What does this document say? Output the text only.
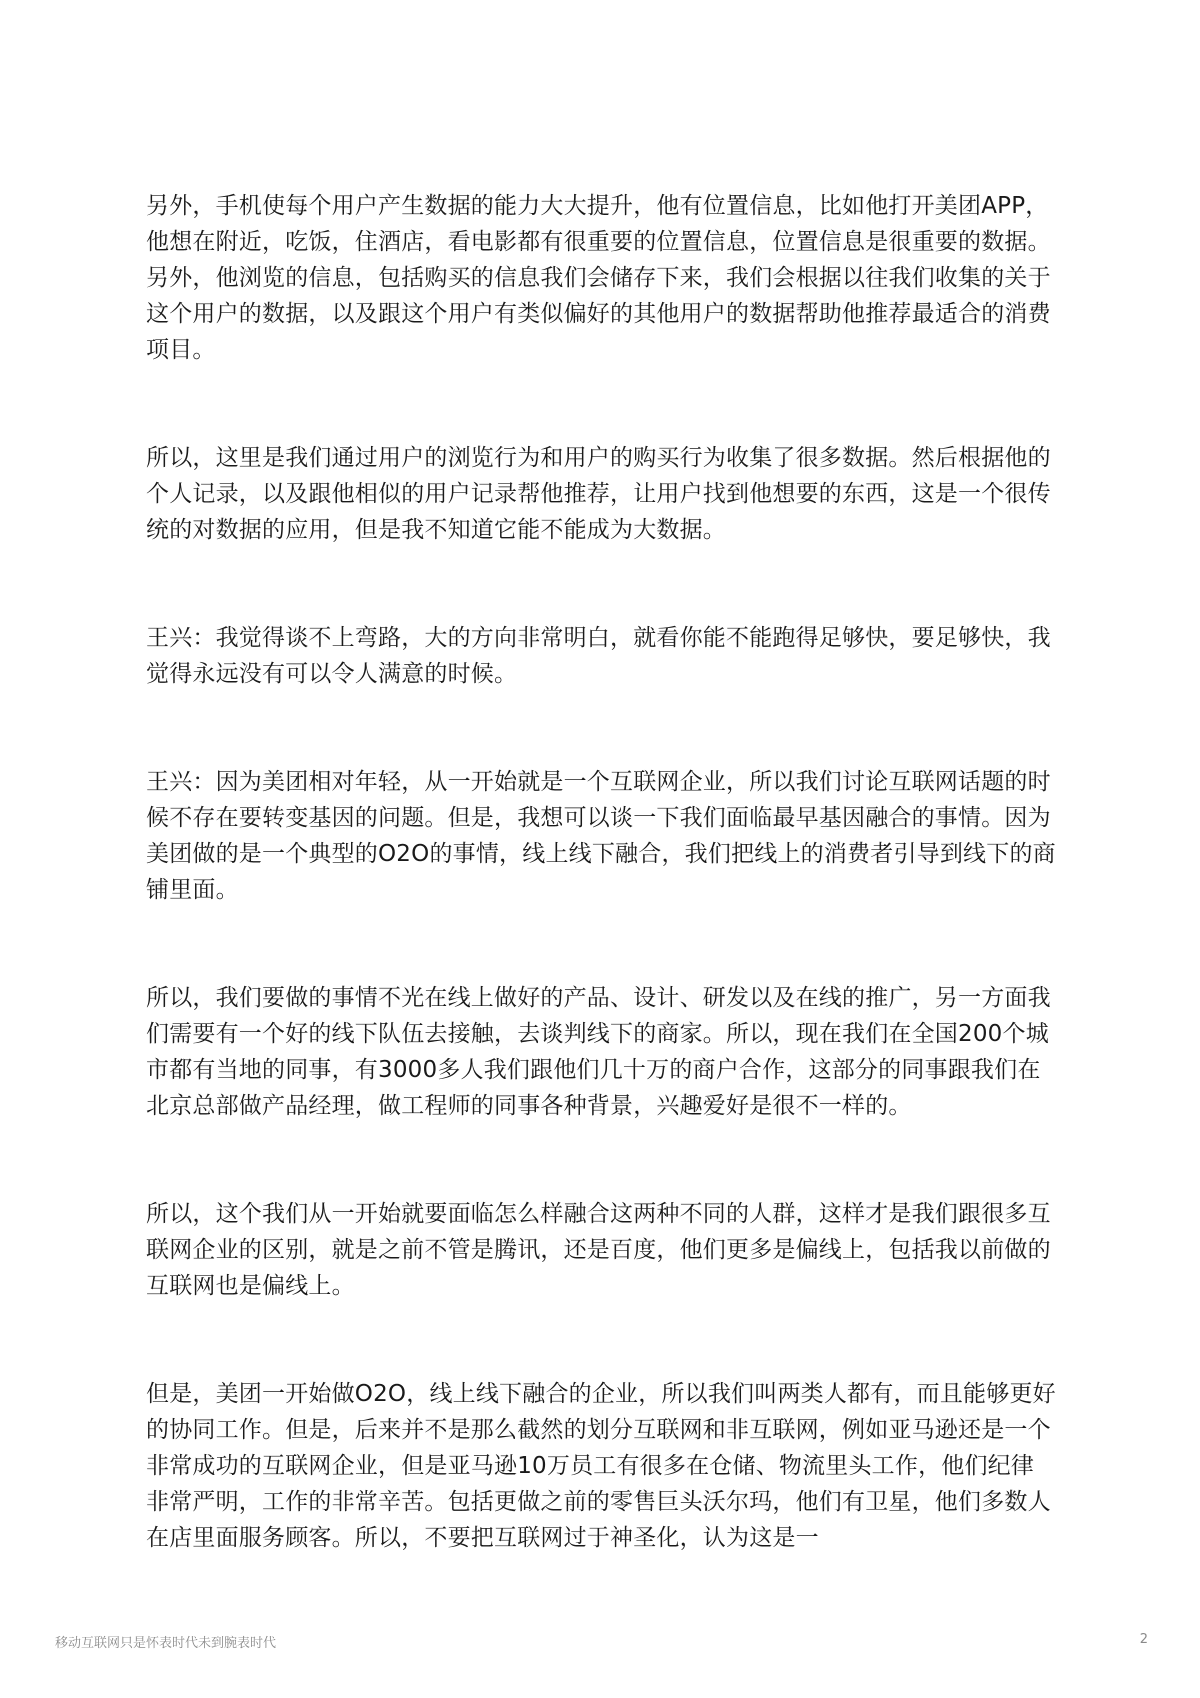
另外，手机使每个用户产生数据的能力大大提升，他有位置信息，比如他打开美团APP，他想在附近，吃饭，住酒店，看电影都有很重要的位置信息，位置信息是很重要的数据。另外，他浏览的信息，包括购买的信息我们会储存下来，我们会根据以往我们收集的关于这个用户的数据，以及跟这个用户有类似偏好的其他用户的数据帮助他推荐最适合的消费项目。

所以，这里是我们通过用户的浏览行为和用户的购买行为收集了很多数据。然后根据他的个人记录，以及跟他相似的用户记录帮他推荐，让用户找到他想要的东西，这是一个很传统的对数据的应用，但是我不知道它能不能成为大数据。

王兴：我觉得谈不上弯路，大的方向非常明白，就看你能不能跑得足够快，要足够快，我觉得永远没有可以令人满意的时候。

王兴：因为美团相对年轻，从一开始就是一个互联网企业，所以我们讨论互联网话题的时候不存在要转变基因的问题。但是，我想可以谈一下我们面临最早基因融合的事情。因为美团做的是一个典型的O2O的事情，线上线下融合，我们把线上的消费者引导到线下的商铺里面。

所以，我们要做的事情不光在线上做好的产品、设计、研发以及在线的推广，另一方面我们需要有一个好的线下队伍去接触，去谈判线下的商家。所以，现在我们在全国200个城市都有当地的同事，有3000多人我们跟他们几十万的商户合作，这部分的同事跟我们在北京总部做产品经理，做工程师的同事各种背景，兴趣爱好是很不一样的。

所以，这个我们从一开始就要面临怎么样融合这两种不同的人群，这样才是我们跟很多互联网企业的区别，就是之前不管是腾讯，还是百度，他们更多是偏线上，包括我以前做的互联网也是偏线上。

但是，美团一开始做O2O，线上线下融合的企业，所以我们叫两类人都有，而且能够更好的协同工作。但是，后来并不是那么截然的划分互联网和非互联网，例如亚马逊还是一个非常成功的互联网企业，但是亚马逊10万员工有很多在仓储、物流里头工作，他们纪律非常严明，工作的非常辛苦。包括更做之前的零售巨头沃尔玛，他们有卫星，他们多数人在店里面服务顾客。所以，不要把互联网过于神圣化，认为这是一

移动互联网只是怀表时代未到腕表时代	2
